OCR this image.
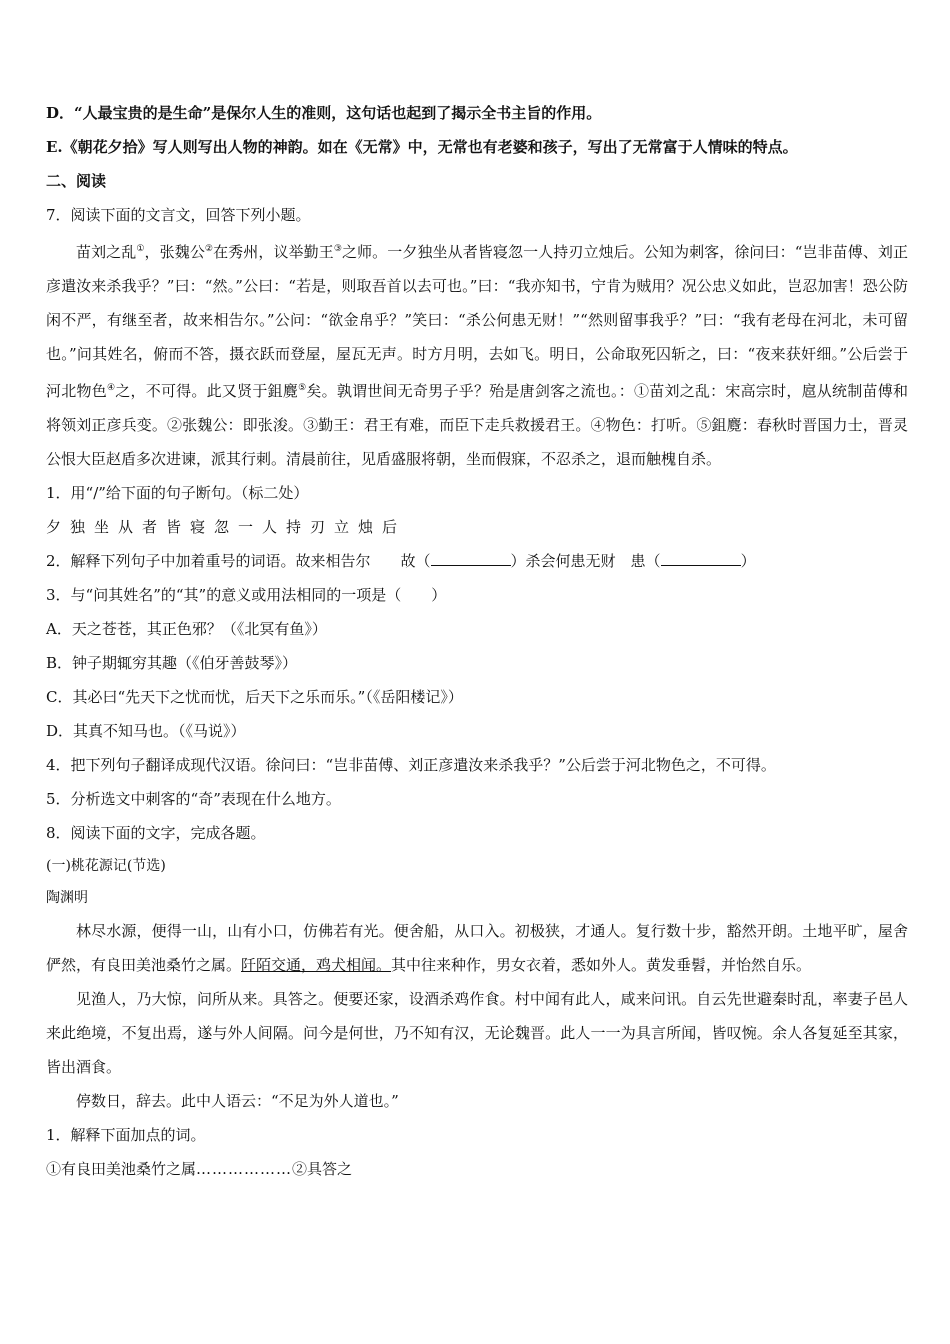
D．“人最宝贵的是生命”是保尔人生的准则，这句话也起到了揭示全书主旨的作用。
E.《朝花夕拾》写人则写出人物的神韵。如在《无常》中，无常也有老婆和孩子，写出了无常富于人情味的特点。
二、阅读
7．阅读下面的文言文，回答下列小题。
苗刘之乱①，张魏公②在秀州，议举勤王③之师。一夕独坐从者皆寝忽一人持刃立烛后。公知为刺客，徐问曰：“岂非苗傅、刘正彦遣汝来杀我乎？”曰：“然。”公曰：“若是，则取吾首以去可也。”曰：“我亦知书，宁肯为贼用？况公忠义如此，岂忍加害！恐公防闲不严，有继至者，故来相告尔。”公问：“欲金帛乎？”笑曰：“杀公何患无财！”“然则留事我乎？”曰：“我有老母在河北，未可留也。”问其姓名，俯而不答，摄衣跃而登屋，屋瓦无声。时方月明，去如飞。明日，公命取死囚斩之，曰：“夜来获奸细。”公后尝于河北物色④之，不可得。此又贤于鉏麑⑤矣。孰谓世间无奇男子乎？殆是唐剑客之流也。：①苗刘之乱：宋高宗时，扈从统制苗傅和将领刘正彦兵变。②张魏公：即张浚。③勤王：君王有难，而臣下走兵救援君王。④物色：打听。⑤鉏麑：春秋时晋国力士，晋灵公恨大臣赵盾多次进谏，派其行刺。清晨前往，见盾盛服将朝，坐而假寐，不忍杀之，退而触槐自杀。
1．用“/”给下面的句子断句。（标二处）
夕独坐从者皆寝忽一人持刃立烛后
2．解释下列句子中加着重号的词语。故来相告尔　　故（	）杀会何患无财　患（	）
3．与“问其姓名”的“其”的意义或用法相同的一项是（　　）
A．天之苍苍，其正色邪？（《北冥有鱼》）
B．钟子期辄穷其趣（《伯牙善鼓琴》）
C．其必曰“先天下之忧而忧，后天下之乐而乐。”（《岳阳楼记》）
D．其真不知马也。（《马说》）
4．把下列句子翻译成现代汉语。徐问曰：“岂非苗傅、刘正彦遣汝来杀我乎？”公后尝于河北物色之，不可得。
5．分析选文中刺客的“奇”表现在什么地方。
8．阅读下面的文字，完成各题。
(一)桃花源记(节选)
陶渊明
林尽水源，便得一山，山有小口，仿佛若有光。便舍船，从口入。初极狭，才通人。复行数十步，豁然开朗。土地平旷，屋舍俨然，有良田美池桑竹之属。阡陌交通，鸡犬相闻。其中往来种作，男女衣着，悉如外人。黄发垂髫，并怡然自乐。
见渔人，乃大惊，问所从来。具答之。便要还家，设酒杀鸡作食。村中闻有此人，咸来问讯。自云先世避秦时乱，率妻子邑人来此绝境，不复出焉，遂与外人间隔。问今是何世，乃不知有汉，无论魏晋。此人一一为具言所闻，皆叹惋。余人各复延至其家，皆出酒食。
停数日，辞去。此中人语云：“不足为外人道也。”
1．解释下面加点的词。
①有良田美池桑竹之属………………②具答之
